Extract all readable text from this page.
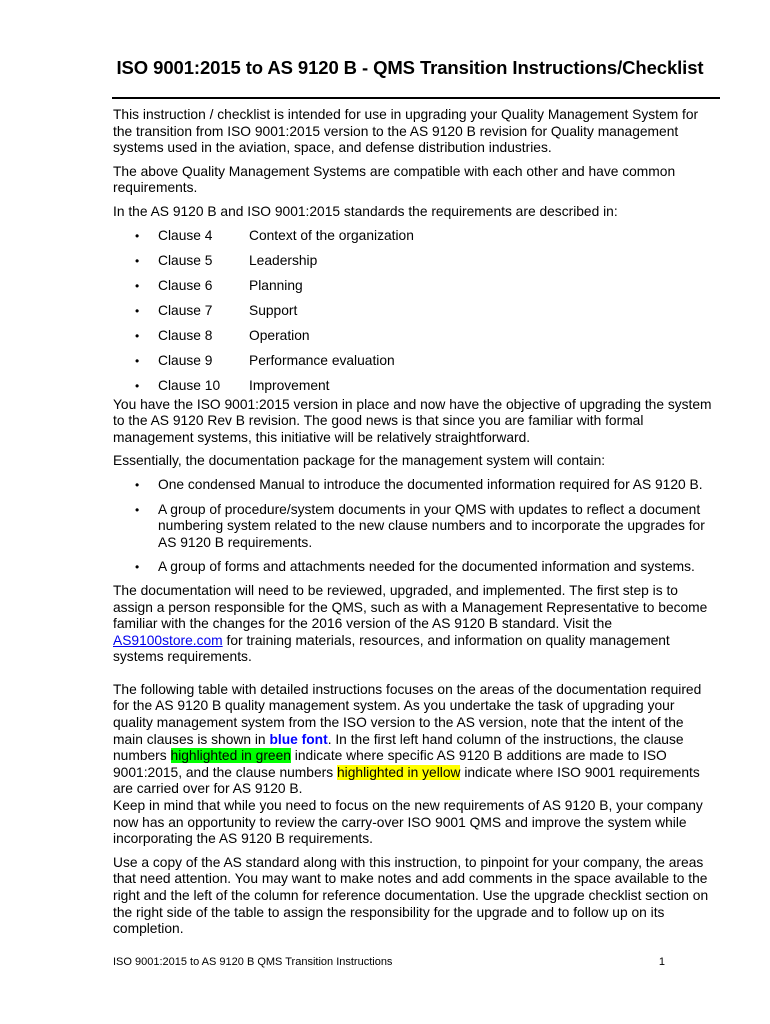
ISO 9001:2015 to AS 9120 B - QMS Transition Instructions/Checklist

This instruction / checklist is intended for use in upgrading your Quality Management System for the transition from ISO 9001:2015 version to the AS 9120 B revision for Quality management systems used in the aviation, space, and defense distribution industries.

The above Quality Management Systems are compatible with each other and have common requirements.

In the AS 9120 B and ISO 9001:2015 standards the requirements are described in:

• Clause 4	Context of the organization
• Clause 5	Leadership
• Clause 6	Planning
• Clause 7	Support
• Clause 8	Operation
• Clause 9	Performance evaluation
• Clause 10 Improvement

You have the ISO 9001:2015 version in place and now have the objective of upgrading the system to the AS 9120 Rev B revision. The good news is that since you are familiar with formal management systems, this initiative will be relatively straightforward.

Essentially, the documentation package for the management system will contain:

• One condensed Manual to introduce the documented information required for AS 9120 B.
• A group of procedure/system documents in your QMS with updates to reflect a document numbering system related to the new clause numbers and to incorporate the upgrades for AS 9120 B requirements.
• A group of forms and attachments needed for the documented information and systems.

The documentation will need to be reviewed, upgraded, and implemented. The first step is to assign a person responsible for the QMS, such as with a Management Representative to become familiar with the changes for the 2016 version of the AS 9120 B standard. Visit the AS9100store.com for training materials, resources, and information on quality management systems requirements.

The following table with detailed instructions focuses on the areas of the documentation required for the AS 9120 B quality management system. As you undertake the task of upgrading your quality management system from the ISO version to the AS version, note that the intent of the main clauses is shown in blue font. In the first left hand column of the instructions, the clause numbers highlighted in green indicate where specific AS 9120 B additions are made to ISO 9001:2015, and the clause numbers highlighted in yellow indicate where ISO 9001 requirements are carried over for AS 9120 B.

Keep in mind that while you need to focus on the new requirements of AS 9120 B, your company now has an opportunity to review the carry-over ISO 9001 QMS and improve the system while incorporating the AS 9120 B requirements.

Use a copy of the AS standard along with this instruction, to pinpoint for your company, the areas that need attention. You may want to make notes and add comments in the space available to the right and the left of the column for reference documentation. Use the upgrade checklist section on the right side of the table to assign the responsibility for the upgrade and to follow up on its completion.

ISO 9001:2015 to AS 9120 B QMS Transition Instructions	1
